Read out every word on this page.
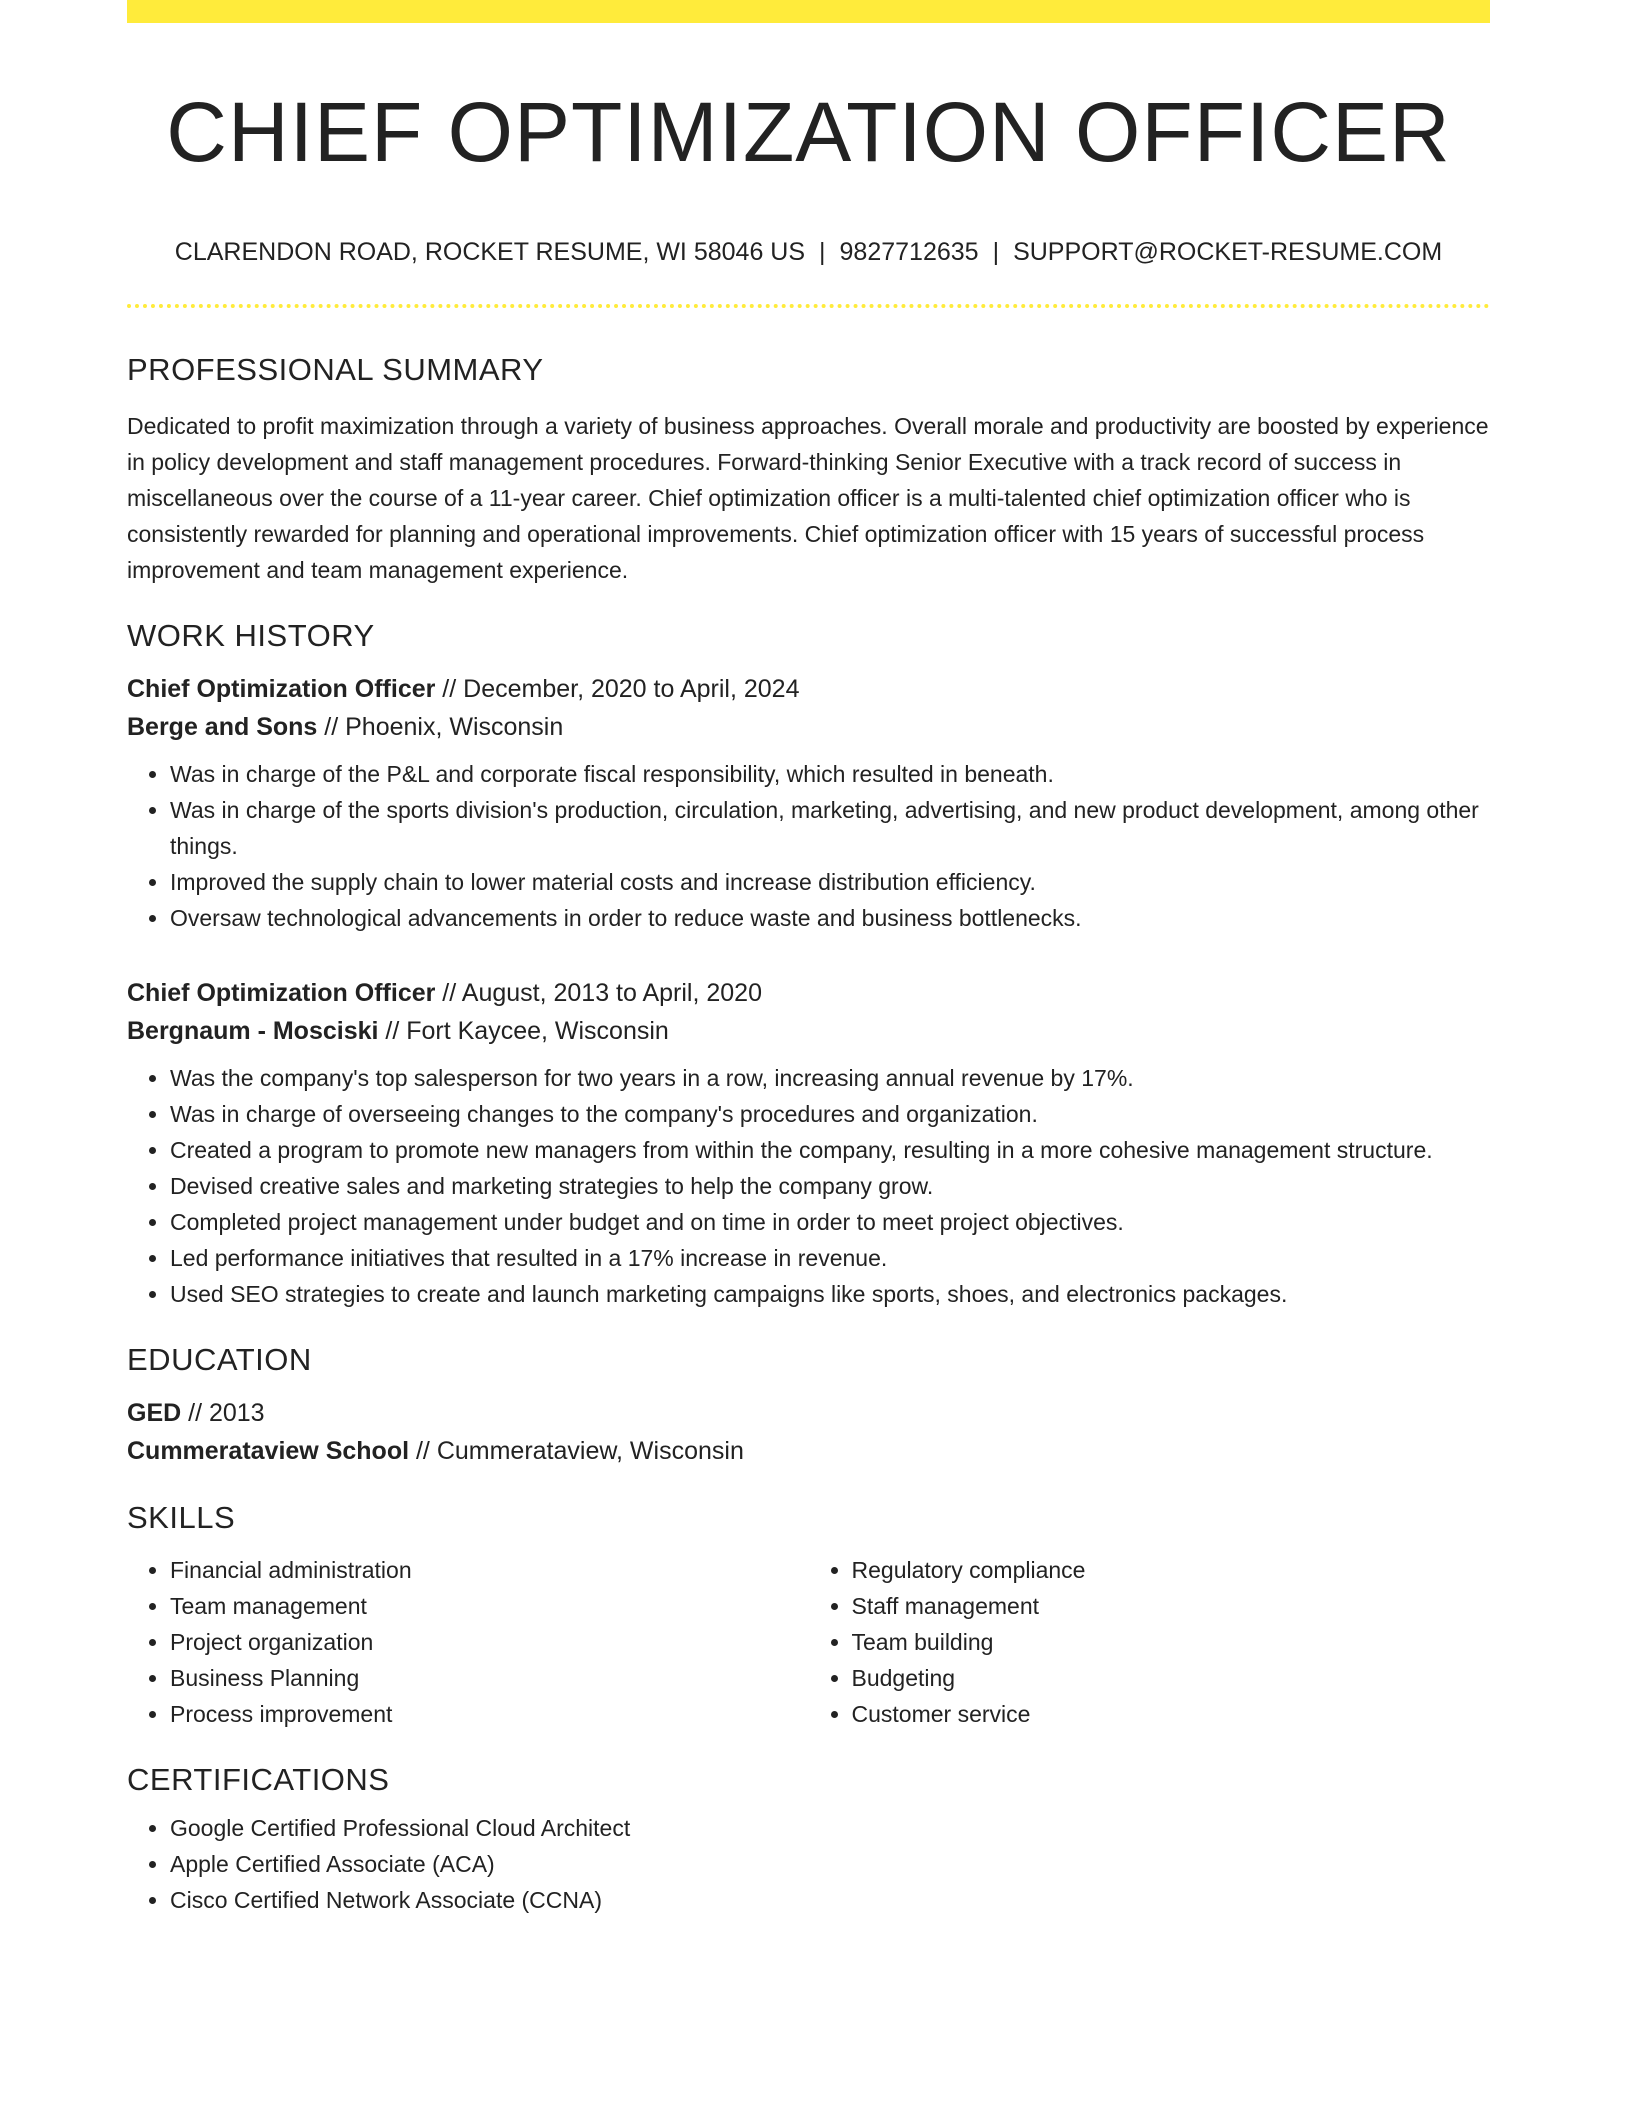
CHIEF OPTIMIZATION OFFICER
CLARENDON ROAD, ROCKET RESUME, WI 58046 US | 9827712635 | SUPPORT@ROCKET-RESUME.COM
PROFESSIONAL SUMMARY

Dedicated to profit maximization through a variety of business approaches. Overall morale and productivity are boosted by experience in policy development and staff management procedures. Forward-thinking Senior Executive with a track record of success in miscellaneous over the course of a 11-year career. Chief optimization officer is a multi-talented chief optimization officer who is consistently rewarded for planning and operational improvements. Chief optimization officer with 15 years of successful process improvement and team management experience.

WORK HISTORY
Chief Optimization Officer // December, 2020 to April, 2024
Berge and Sons // Phoenix, Wisconsin
• Was in charge of the P&L and corporate fiscal responsibility, which resulted in beneath.
• Was in charge of the sports division's production, circulation, marketing, advertising, and new product development, among other things.
• Improved the supply chain to lower material costs and increase distribution efficiency.
• Oversaw technological advancements in order to reduce waste and business bottlenecks.
Chief Optimization Officer // August, 2013 to April, 2020
Bergnaum - Mosciski // Fort Kaycee, Wisconsin
• Was the company's top salesperson for two years in a row, increasing annual revenue by 17%.
• Was in charge of overseeing changes to the company's procedures and organization.
• Created a program to promote new managers from within the company, resulting in a more cohesive management structure.
• Devised creative sales and marketing strategies to help the company grow.
• Completed project management under budget and on time in order to meet project objectives.
• Led performance initiatives that resulted in a 17% increase in revenue.
• Used SEO strategies to create and launch marketing campaigns like sports, shoes, and electronics packages.
EDUCATION
GED // 2013
Cummerataview School // Cummerataview, Wisconsin
SKILLS
• Financial administration
• Team management
• Project organization
• Business Planning
• Process improvement
• Regulatory compliance
• Staff management
• Team building
• Budgeting
• Customer service
CERTIFICATIONS
• Google Certified Professional Cloud Architect
• Apple Certified Associate (ACA)
• Cisco Certified Network Associate (CCNA)
